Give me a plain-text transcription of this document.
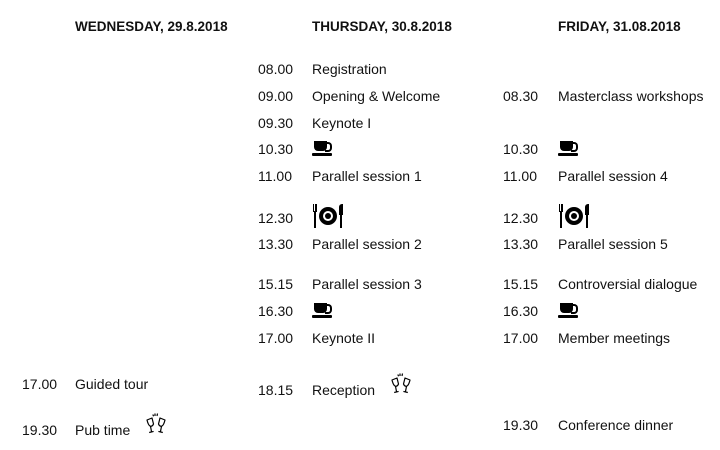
WEDNESDAY, 29.8.2018	THURSDAY, 30.8.2018	FRIDAY, 31.08.2018
17.00	Guided tour
19.30	Pub time
08.00	Registration
09.00	Opening & Welcome
09.30	Keynote I
10.30
11.00	Parallel session 1
12.30
13.30	Parallel session 2
15.15	Parallel session 3
16.30
17.00	Keynote II
18.15	Reception
08.30	Masterclass workshops
10.30
11.00	Parallel session 4
12.30
13.30	Parallel session 5
15.15	Controversial dialogue
16.30
17.00	Member meetings
19.30	Conference dinner
